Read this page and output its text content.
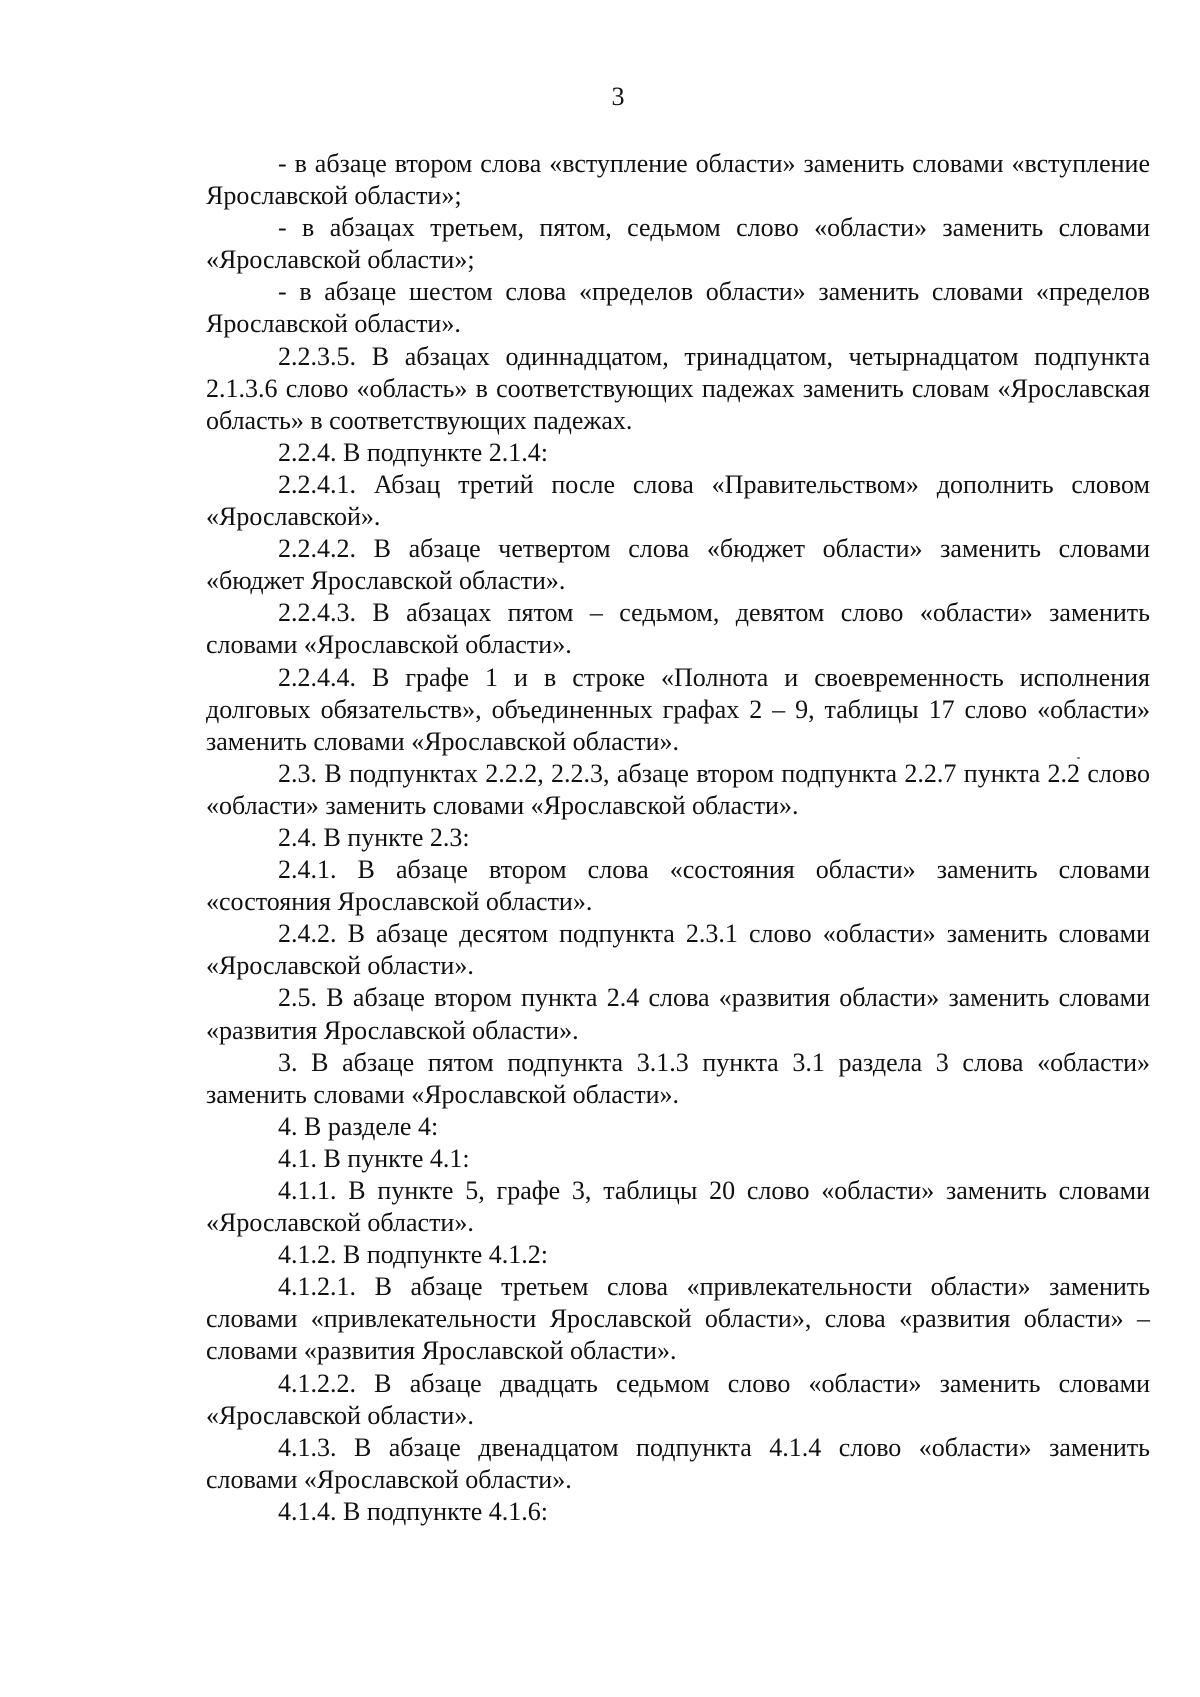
3

- в абзаце втором слова «вступление области» заменить словами «вступление Ярославской области»;

- в абзацах третьем, пятом, седьмом слово «области» заменить словами «Ярославской области»;

- в абзаце шестом слова «пределов области» заменить словами «пределов Ярославской области».

2.2.3.5. В абзацах одиннадцатом, тринадцатом, четырнадцатом подпункта 2.1.3.6 слово «область» в соответствующих падежах заменить словам «Ярославская область» в соответствующих падежах.

2.2.4. В подпункте 2.1.4:

2.2.4.1. Абзац третий после слова «Правительством» дополнить словом «Ярославской».

2.2.4.2. В абзаце четвертом слова «бюджет области» заменить словами «бюджет Ярославской области».

2.2.4.3. В абзацах пятом – седьмом, девятом слово «области» заменить словами «Ярославской области».

2.2.4.4. В графе 1 и в строке «Полнота и своевременность исполнения долговых обязательств», объединенных графах 2 – 9, таблицы 17 слово «области» заменить словами «Ярославской области».

2.3. В подпунктах 2.2.2, 2.2.3, абзаце втором подпункта 2.2.7 пункта 2.2 слово «области» заменить словами «Ярославской области».

2.4. В пункте 2.3:

2.4.1. В абзаце втором слова «состояния области» заменить словами «состояния Ярославской области».

2.4.2. В абзаце десятом подпункта 2.3.1 слово «области» заменить словами «Ярославской области».

2.5. В абзаце втором пункта 2.4 слова «развития области» заменить словами «развития Ярославской области».

3. В абзаце пятом подпункта 3.1.3 пункта 3.1 раздела 3 слова «области» заменить словами «Ярославской области».

4. В разделе 4:

4.1. В пункте 4.1:

4.1.1. В пункте 5, графе 3, таблицы 20 слово «области» заменить словами «Ярославской области».

4.1.2. В подпункте 4.1.2:

4.1.2.1. В абзаце третьем слова «привлекательности области» заменить словами «привлекательности Ярославской области», слова «развития области» – словами «развития Ярославской области».

4.1.2.2. В абзаце двадцать седьмом слово «области» заменить словами «Ярославской области».

4.1.3. В абзаце двенадцатом подпункта 4.1.4 слово «области» заменить словами «Ярославской области».

4.1.4. В подпункте 4.1.6:
